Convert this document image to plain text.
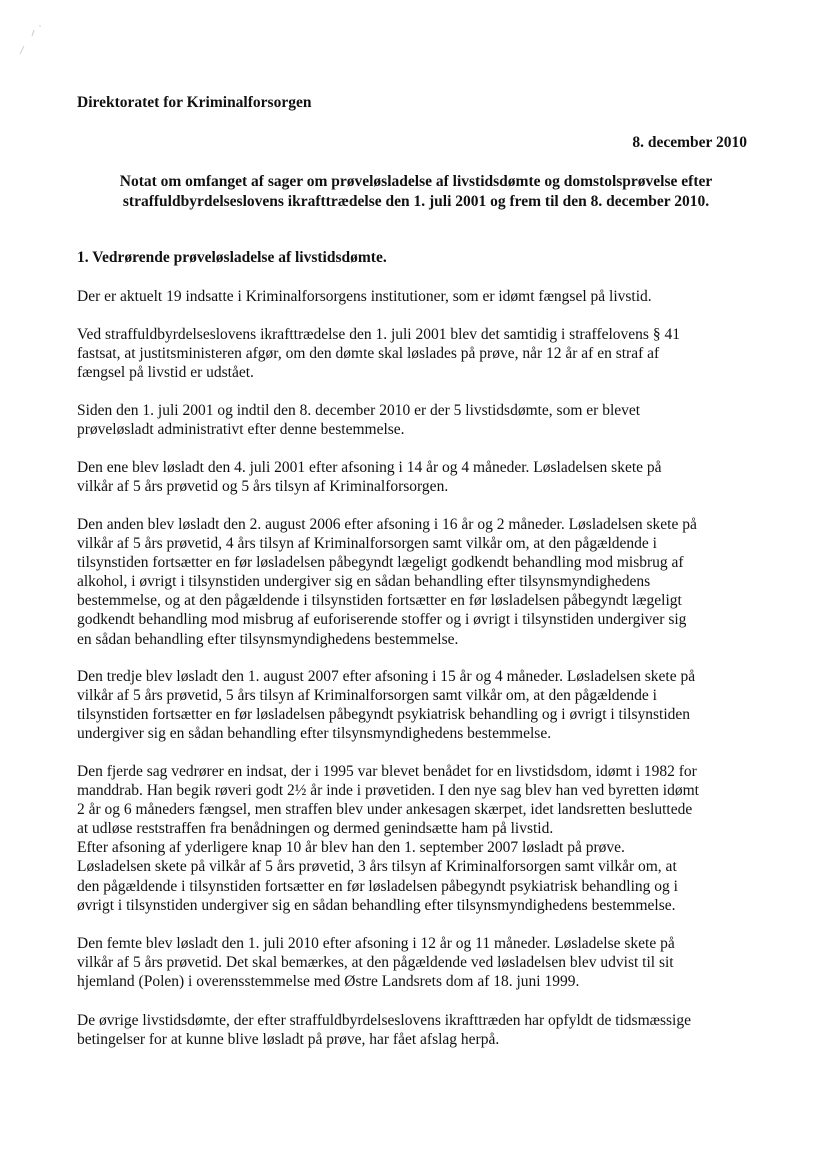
Direktoratet for Kriminalforsorgen

8. december 2010

Notat om omfanget af sager om prøveløsladelse af livstidsdømte og domstolsprøvelse efter
straffuldbyrdelseslovens ikrafttrædelse den 1. juli 2001 og frem til den 8. december 2010.
1. Vedrørende prøveløsladelse af livstidsdømte.

Der er aktuelt 19 indsatte i Kriminalforsorgens institutioner, som er idømt fængsel på livstid.

Ved straffuldbyrdelseslovens ikrafttrædelse den 1. juli 2001 blev det samtidig i straffelovens § 41
fastsat, at justitsministeren afgør, om den dømte skal løslades på prøve, når 12 år af en straf af
fængsel på livstid er udstået.

Siden den 1. juli 2001 og indtil den 8. december 2010 er der 5 livstidsdømte, som er blevet
prøveløsladt administrativt efter denne bestemmelse.

Den ene blev løsladt den 4. juli 2001 efter afsoning i 14 år og 4 måneder. Løsladelsen skete på
vilkår af 5 års prøvetid og 5 års tilsyn af Kriminalforsorgen.

Den anden blev løsladt den 2. august 2006 efter afsoning i 16 år og 2 måneder. Løsladelsen skete på
vilkår af 5 års prøvetid, 4 års tilsyn af Kriminalforsorgen samt vilkår om, at den pågældende i
tilsynstiden fortsætter en før løsladelsen påbegyndt lægeligt godkendt behandling mod misbrug af
alkohol, i øvrigt i tilsynstiden undergiver sig en sådan behandling efter tilsynsmyndighedens
bestemmelse, og at den pågældende i tilsynstiden fortsætter en før løsladelsen påbegyndt lægeligt
godkendt behandling mod misbrug af euforiserende stoffer og i øvrigt i tilsynstiden undergiver sig
en sådan behandling efter tilsynsmyndighedens bestemmelse.

Den tredje blev løsladt den 1. august 2007 efter afsoning i 15 år og 4 måneder. Løsladelsen skete på
vilkår af 5 års prøvetid, 5 års tilsyn af Kriminalforsorgen samt vilkår om, at den pågældende i
tilsynstiden fortsætter en før løsladelsen påbegyndt psykiatrisk behandling og i øvrigt i tilsynstiden
undergiver sig en sådan behandling efter tilsynsmyndighedens bestemmelse.

Den fjerde sag vedrører en indsat, der i 1995 var blevet benådet for en livstidsdom, idømt i 1982 for
manddrab. Han begik røveri godt 2½ år inde i prøvetiden. I den nye sag blev han ved byretten idømt
2 år og 6 måneders fængsel, men straffen blev under ankesagen skærpet, idet landsretten besluttede
at udløse reststraffen fra benådningen og dermed genindsætte ham på livstid.
Efter afsoning af yderligere knap 10 år blev han den 1. september 2007 løsladt på prøve.
Løsladelsen skete på vilkår af 5 års prøvetid, 3 års tilsyn af Kriminalforsorgen samt vilkår om, at
den pågældende i tilsynstiden fortsætter en før løsladelsen påbegyndt psykiatrisk behandling og i
øvrigt i tilsynstiden undergiver sig en sådan behandling efter tilsynsmyndighedens bestemmelse.

Den femte blev løsladt den 1. juli 2010 efter afsoning i 12 år og 11 måneder. Løsladelse skete på
vilkår af 5 års prøvetid. Det skal bemærkes, at den pågældende ved løsladelsen blev udvist til sit
hjemland (Polen) i overensstemmelse med Østre Landsrets dom af 18. juni 1999.

De øvrige livstidsdømte, der efter straffuldbyrdelseslovens ikrafttræden har opfyldt de tidsmæssige
betingelser for at kunne blive løsladt på prøve, har fået afslag herpå.
